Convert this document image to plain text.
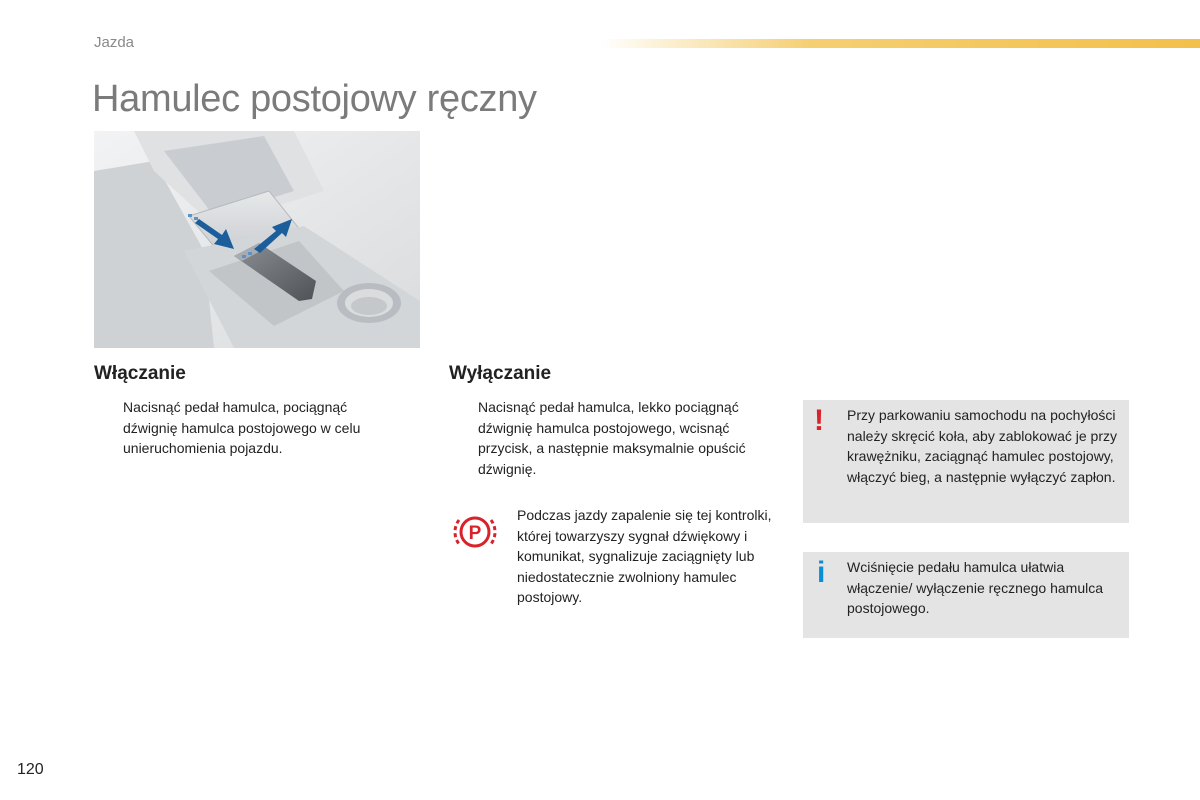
Jazda
Hamulec postojowy ręczny
Włączanie
Nacisnąć pedał hamulca, pociągnąć dźwignię hamulca postojowego w celu unieruchomienia pojazdu.
Wyłączanie
Nacisnąć pedał hamulca, lekko pociągnąć dźwignię hamulca postojowego, wcisnąć przycisk, a następnie maksymalnie opuścić dźwignię.
P
Podczas jazdy zapalenie się tej kontrolki, której towarzyszy sygnał dźwiękowy i komunikat, sygnalizuje zaciągnięty lub niedostatecznie zwolniony hamulec postojowy.
! Przy parkowaniu samochodu na pochyłości należy skręcić koła, aby zablokować je przy krawężniku, zaciągnąć hamulec postojowy, włączyć bieg, a następnie wyłączyć zapłon.
i Wciśnięcie pedału hamulca ułatwia włączenie/ wyłączenie ręcznego hamulca postojowego.
120
